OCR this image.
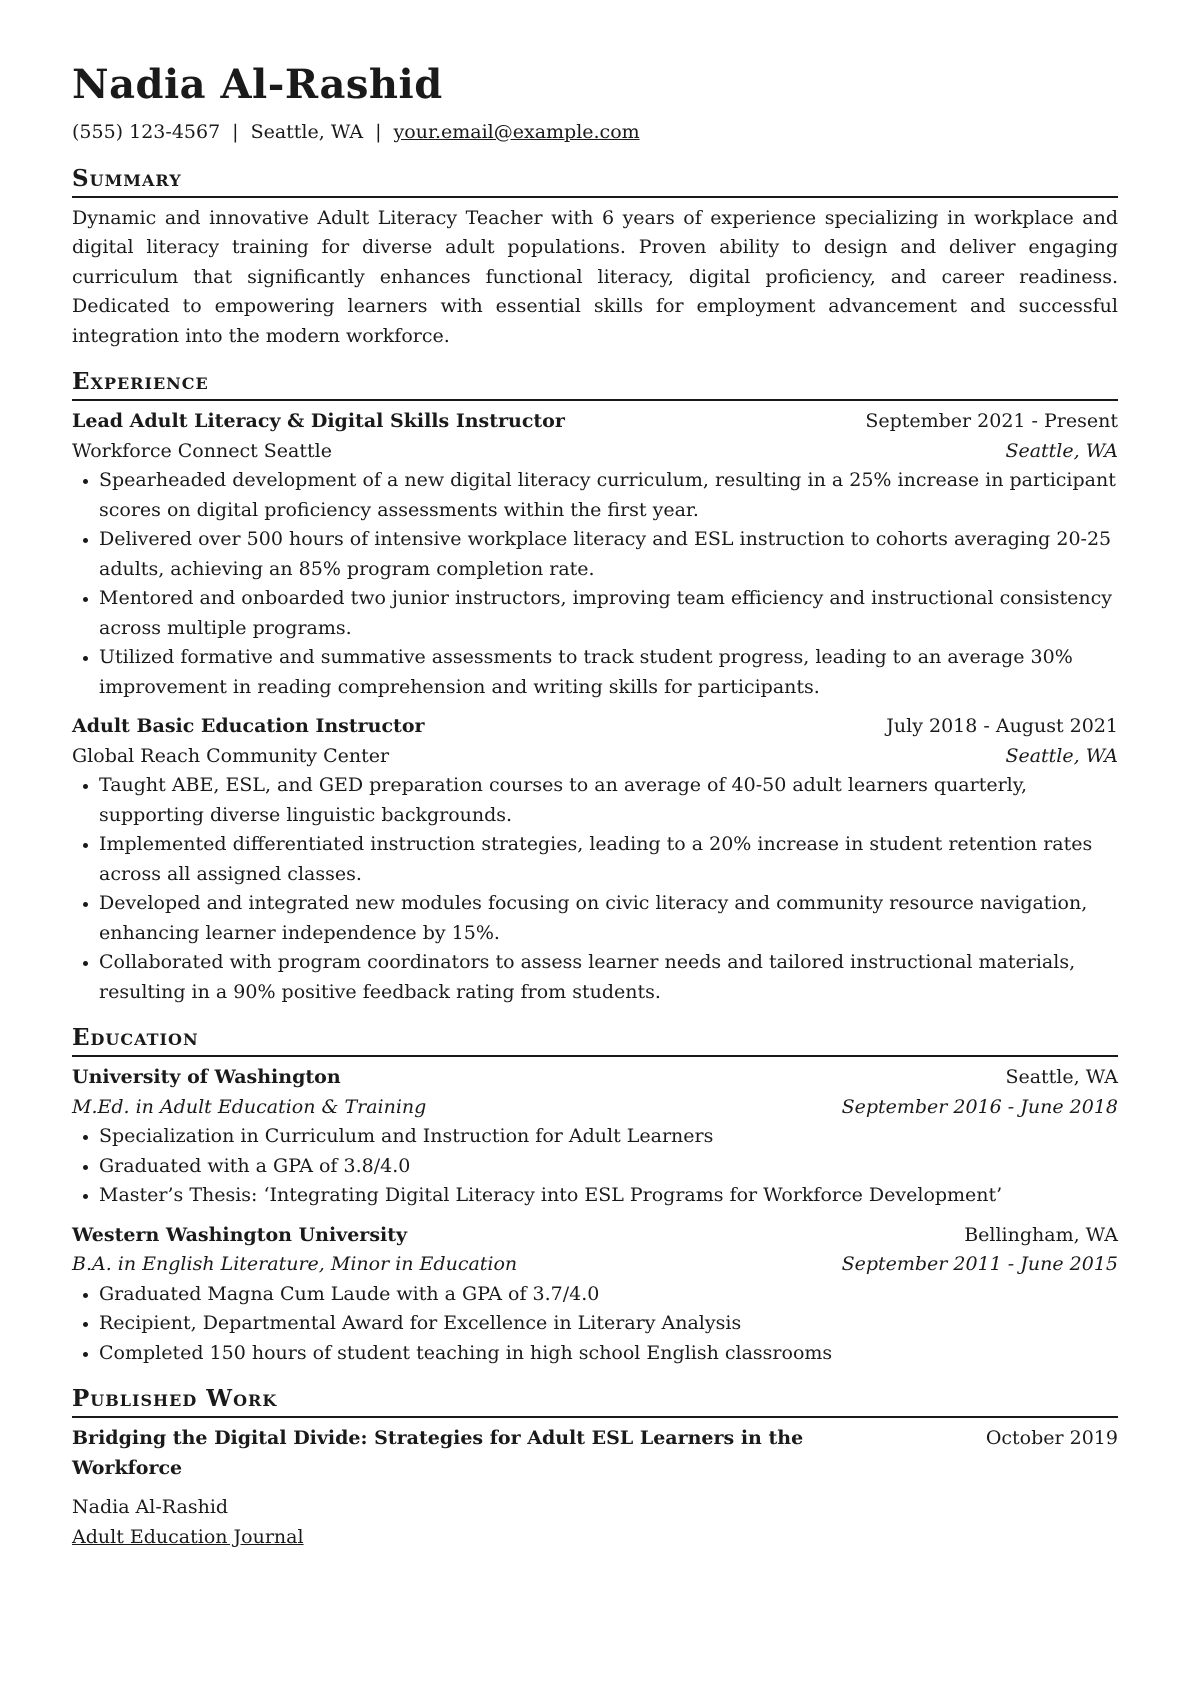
Nadia Al-Rashid
(555) 123-4567 | Seattle, WA | your.email@example.com
Summary
Dynamic and innovative Adult Literacy Teacher with 6 years of experience specializing in workplace and digital literacy training for diverse adult populations. Proven ability to design and deliver engaging curriculum that significantly enhances functional literacy, digital proficiency, and career readiness. Dedicated to empowering learners with essential skills for employment advancement and successful integration into the modern workforce.
Experience
Lead Adult Literacy & Digital Skills Instructor	September 2021 - Present
Workforce Connect Seattle	Seattle, WA
• Spearheaded development of a new digital literacy curriculum, resulting in a 25% increase in participant scores on digital proficiency assessments within the first year.
• Delivered over 500 hours of intensive workplace literacy and ESL instruction to cohorts averaging 20-25 adults, achieving an 85% program completion rate.
• Mentored and onboarded two junior instructors, improving team efficiency and instructional consistency across multiple programs.
• Utilized formative and summative assessments to track student progress, leading to an average 30% improvement in reading comprehension and writing skills for participants.
Adult Basic Education Instructor	July 2018 - August 2021
Global Reach Community Center	Seattle, WA
• Taught ABE, ESL, and GED preparation courses to an average of 40-50 adult learners quarterly, supporting diverse linguistic backgrounds.
• Implemented differentiated instruction strategies, leading to a 20% increase in student retention rates across all assigned classes.
• Developed and integrated new modules focusing on civic literacy and community resource navigation, enhancing learner independence by 15%.
• Collaborated with program coordinators to assess learner needs and tailored instructional materials, resulting in a 90% positive feedback rating from students.
Education
University of Washington	Seattle, WA
M.Ed. in Adult Education & Training	September 2016 - June 2018
• Specialization in Curriculum and Instruction for Adult Learners
• Graduated with a GPA of 3.8/4.0
• Master’s Thesis: ‘Integrating Digital Literacy into ESL Programs for Workforce Development’
Western Washington University	Bellingham, WA
B.A. in English Literature, Minor in Education	September 2011 - June 2015
• Graduated Magna Cum Laude with a GPA of 3.7/4.0
• Recipient, Departmental Award for Excellence in Literary Analysis
• Completed 150 hours of student teaching in high school English classrooms
Published Work
Bridging the Digital Divide: Strategies for Adult ESL Learners in the Workforce
October 2019
Nadia Al-Rashid
Adult Education Journal
